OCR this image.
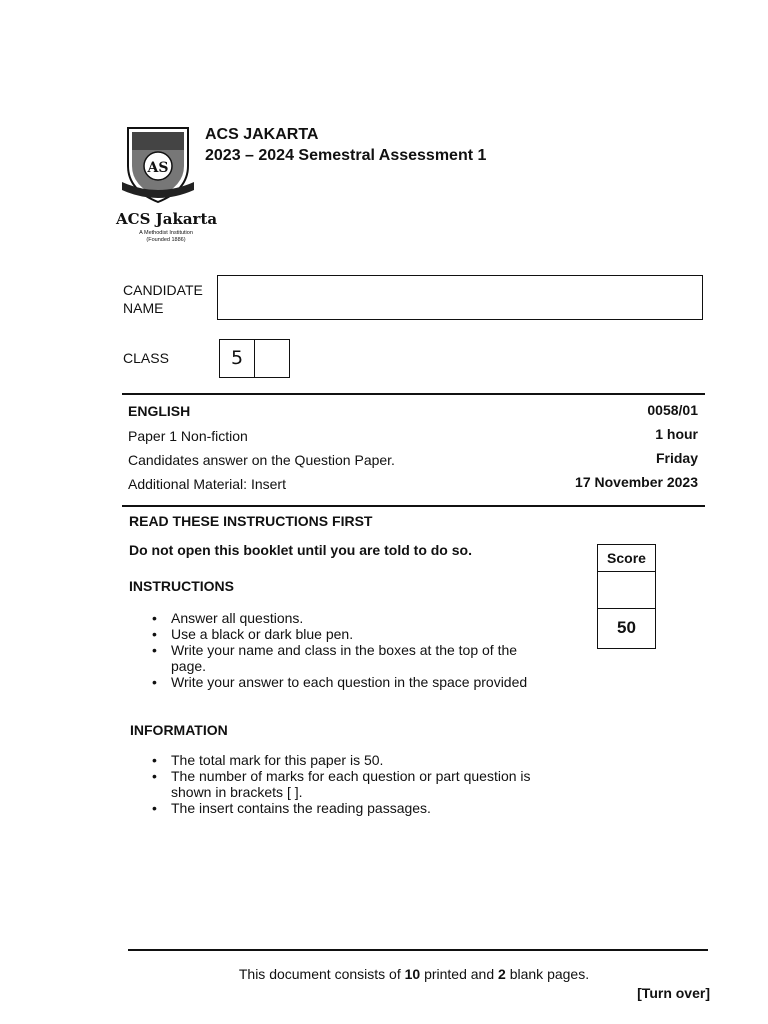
AS
ACS Jakarta
A Methodist Institution
(Founded 1886)
ACS JAKARTA
2023 – 2024 Semestral Assessment 1
CANDIDATE NAME
CLASS	5
ENGLISH	0058/01
Paper 1 Non-fiction	1 hour
Candidates answer on the Question Paper.	Friday
Additional Material: Insert	17 November 2023
READ THESE INSTRUCTIONS FIRST
Do not open this booklet until you are told to do so.
INSTRUCTIONS
• Answer all questions.
• Use a black or dark blue pen.
• Write your name and class in the boxes at the top of the page.
• Write your answer to each question in the space provided
Score
50
INFORMATION
• The total mark for this paper is 50.
• The number of marks for each question or part question is shown in brackets [ ].
• The insert contains the reading passages.
This document consists of 10 printed and 2 blank pages.
[Turn over]
